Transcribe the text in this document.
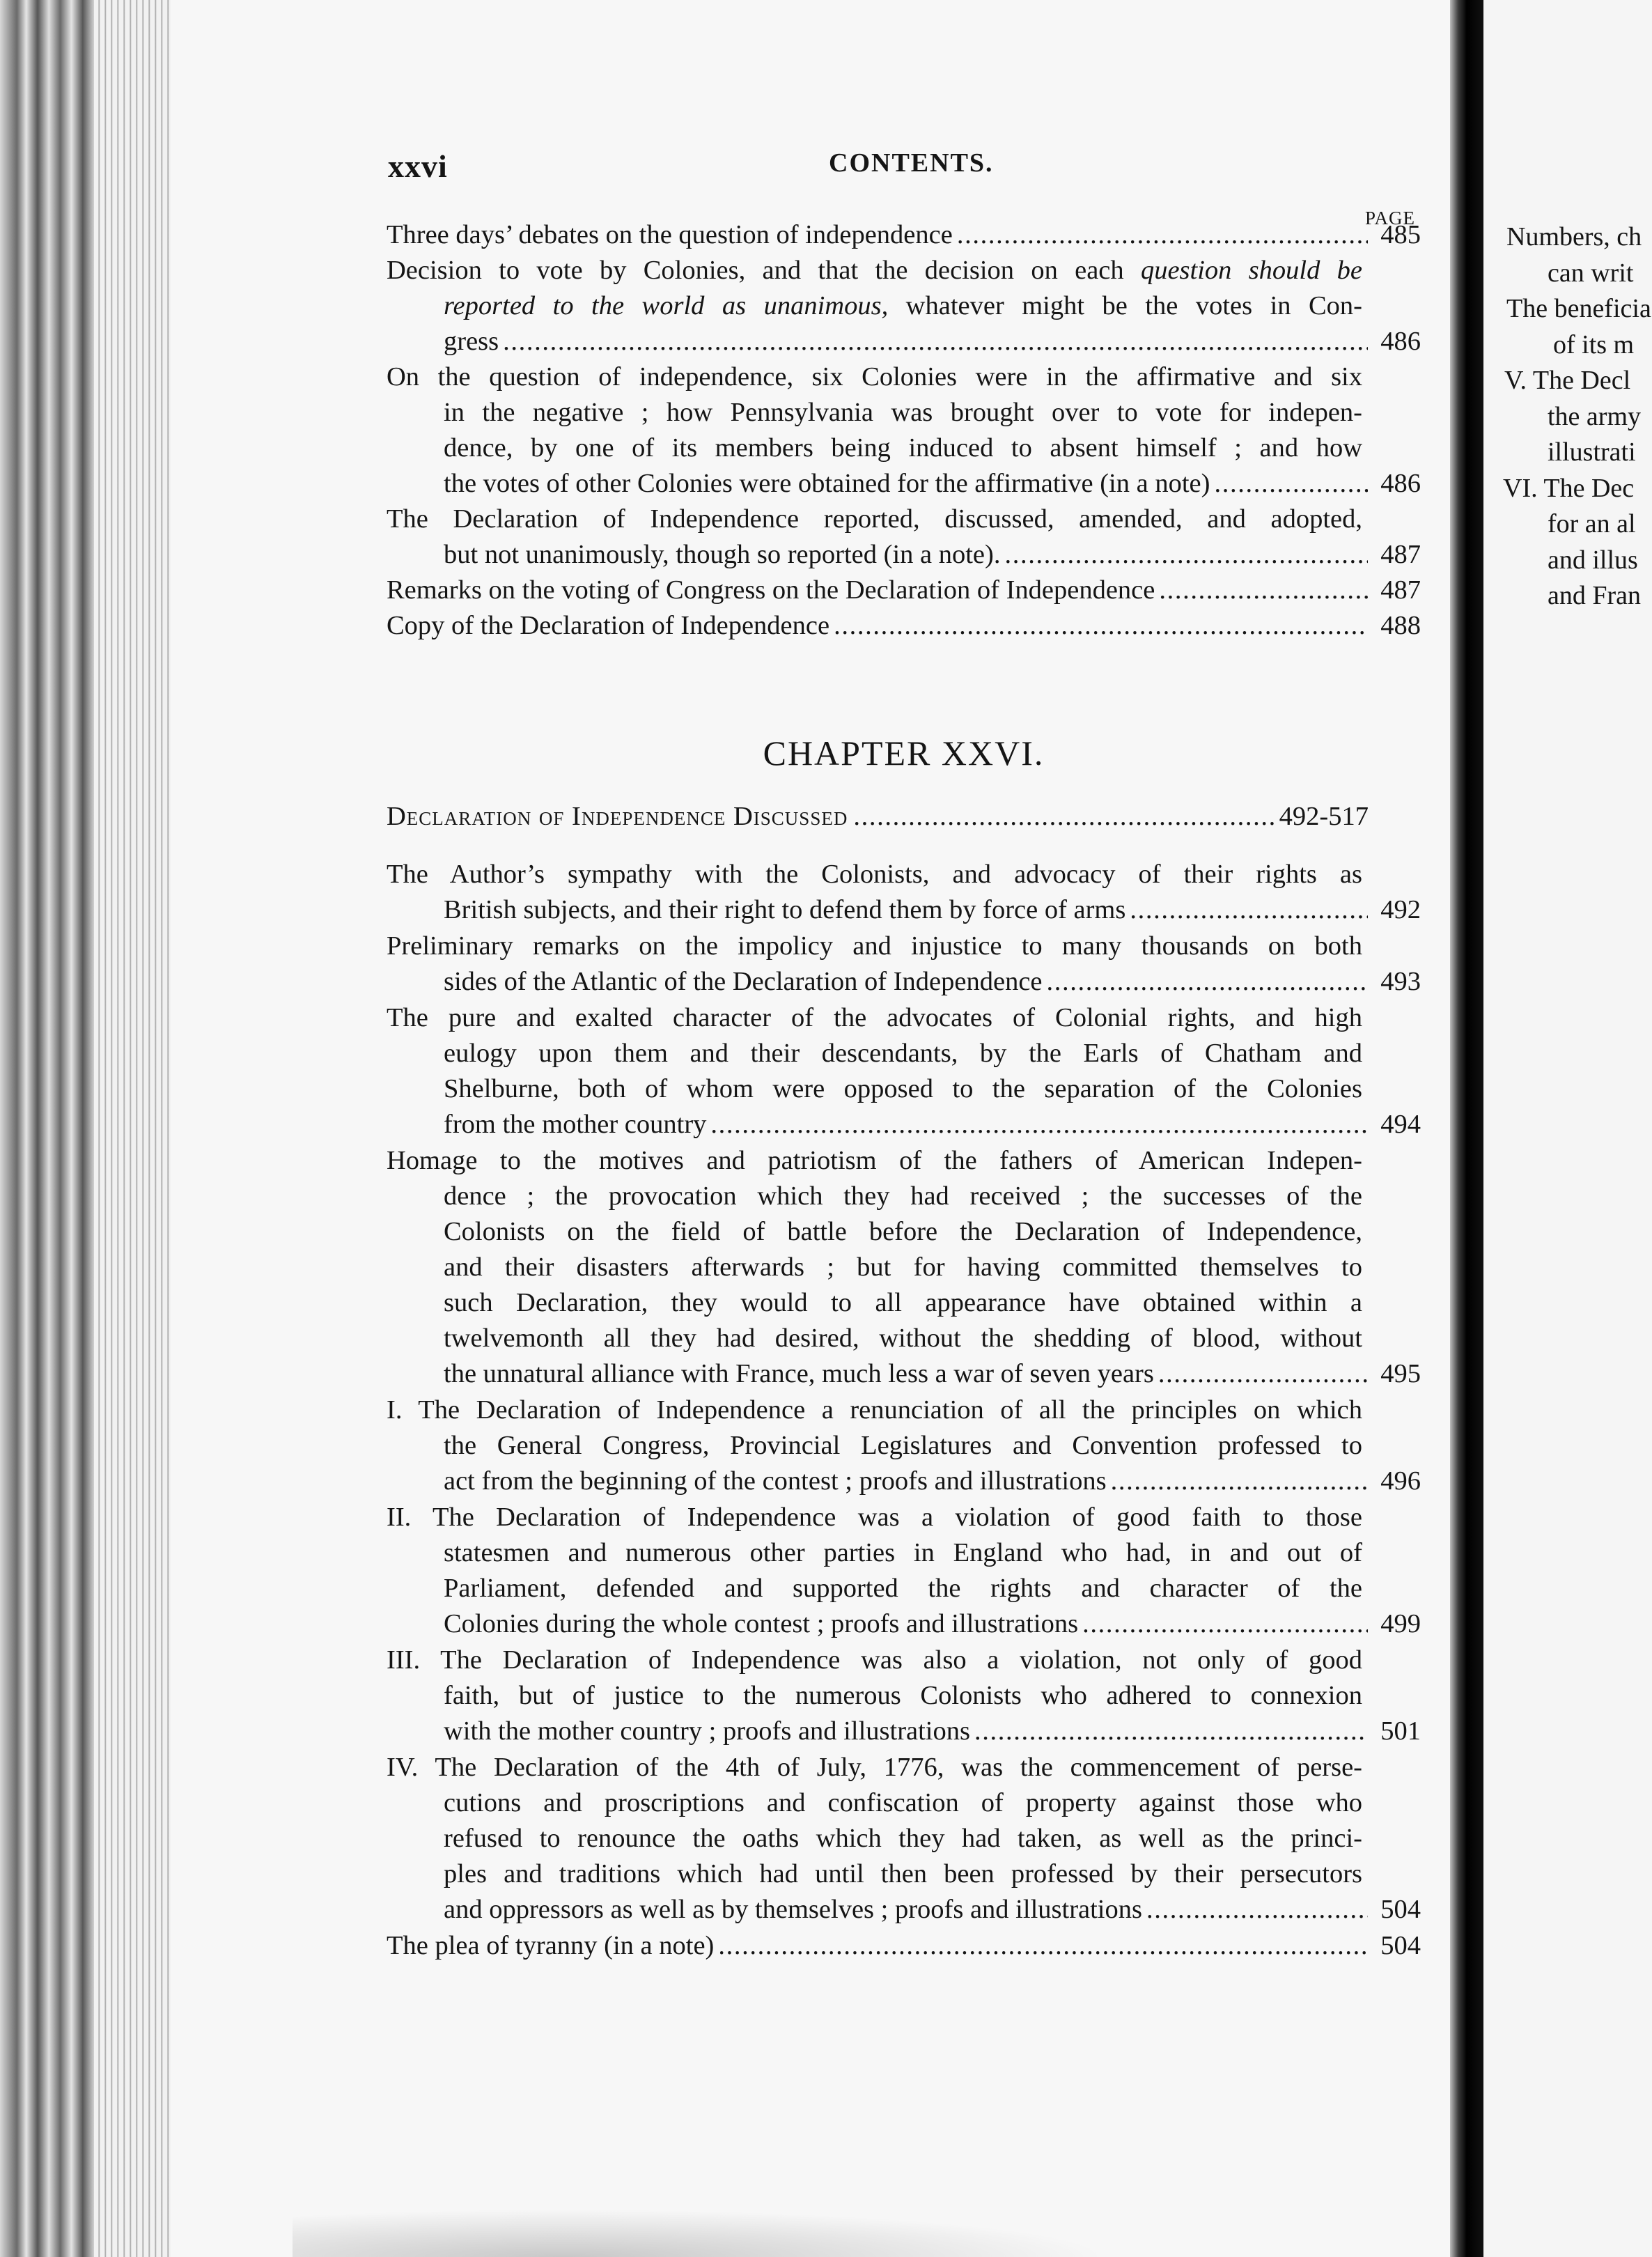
xxvi	CONTENTS.
PAGE
CHAPTER XXVI.
Declaration of Independence Discussed . . .	492-517
Three days’ debates on the question of independence . . .	485
Decision to vote by Colonies, and that the decision on each question should be
reported to the world as unanimous, whatever might be the votes in Con-
gress . . .	486
On the question of independence, six Colonies were in the affirmative and six
in the negative ; how Pennsylvania was brought over to vote for indepen-
dence, by one of its members being induced to absent himself ; and how
the votes of other Colonies were obtained for the affirmative (in a note) . . .	486
The Declaration of Independence reported, discussed, amended, and adopted,
but not unanimously, though so reported (in a note). . . .	487
Remarks on the voting of Congress on the Declaration of Independence . . .	487
Copy of the Declaration of Independence . . .	488
The Author’s sympathy with the Colonists, and advocacy of their rights as
British subjects, and their right to defend them by force of arms . . .	492
Preliminary remarks on the impolicy and injustice to many thousands on both
sides of the Atlantic of the Declaration of Independence . . .	493
The pure and exalted character of the advocates of Colonial rights, and high
eulogy upon them and their descendants, by the Earls of Chatham and
Shelburne, both of whom were opposed to the separation of the Colonies
from the mother country . . .	494
Homage to the motives and patriotism of the fathers of American Indepen-
dence ; the provocation which they had received ; the successes of the
Colonists on the field of battle before the Declaration of Independence,
and their disasters afterwards ; but for having committed themselves to
such Declaration, they would to all appearance have obtained within a
twelvemonth all they had desired, without the shedding of blood, without
the unnatural alliance with France, much less a war of seven years . . .	495
I. The Declaration of Independence a renunciation of all the principles on which
the General Congress, Provincial Legislatures and Convention professed to
act from the beginning of the contest ; proofs and illustrations . . .	496
II. The Declaration of Independence was a violation of good faith to those
statesmen and numerous other parties in England who had, in and out of
Parliament, defended and supported the rights and character of the
Colonies during the whole contest ; proofs and illustrations . . .	499
III. The Declaration of Independence was also a violation, not only of good
faith, but of justice to the numerous Colonists who adhered to connexion
with the mother country ; proofs and illustrations . . .	501
IV. The Declaration of the 4th of July, 1776, was the commencement of perse-
cutions and proscriptions and confiscation of property against those who
refused to renounce the oaths which they had taken, as well as the princi-
ples and traditions which had until then been professed by their persecutors
and oppressors as well as by themselves ; proofs and illustrations . . .	504
The plea of tyranny (in a note) . . .	504
Numbers, ch
can writ
The beneficia
of its m
V. The Decl
the army
illustrati
VI. The Dec
for an al
and illus
and Fran
